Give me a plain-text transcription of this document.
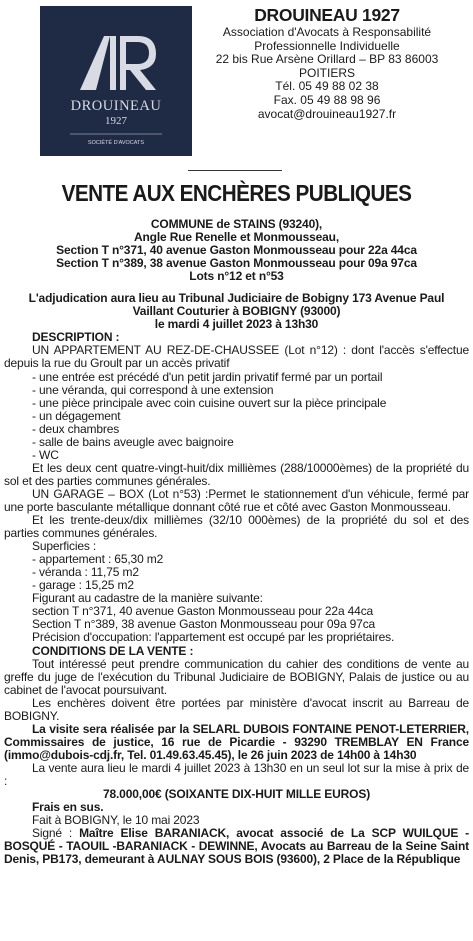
DROUINEAU
1927
SOCIÉTÉ D'AVOCATS
DROUINEAU 1927
Association d'Avocats à Responsabilité
Professionnelle Individuelle
22 bis Rue Arsène Orillard – BP 83 86003
POITIERS
Tél. 05 49 88 02 38
Fax. 05 49 88 98 96
avocat@drouineau1927.fr
VENTE AUX ENCHÈRES PUBLIQUES
COMMUNE de STAINS (93240),
Angle Rue Renelle et Monmousseau,
Section T n°371, 40 avenue Gaston Monmousseau pour 22a 44ca
Section T n°389, 38 avenue Gaston Monmousseau pour 09a 97ca
Lots n°12 et n°53
L'adjudication aura lieu au Tribunal Judiciaire de Bobigny 173 Avenue Paul
Vaillant Couturier à BOBIGNY (93000)
le mardi 4 juillet 2023 à 13h30
DESCRIPTION :
UN APPARTEMENT AU REZ-DE-CHAUSSEE (Lot n°12) : dont l'accès s'effectue depuis la rue du Groult par un accès privatif
- une entrée est précédé d'un petit jardin privatif fermé par un portail
- une véranda, qui correspond à une extension
- une pièce principale avec coin cuisine ouvert sur la pièce principale
- un dégagement
- deux chambres
- salle de bains aveugle avec baignoire
- WC
Et les deux cent quatre-vingt-huit/dix millièmes (288/10000èmes) de la propriété du sol et des parties communes générales.
UN GARAGE – BOX (Lot n°53) :Permet le stationnement d'un véhicule, fermé par une porte basculante métallique donnant côté rue et côté avec Gaston Monmousseau.
Et les trente-deux/dix millièmes (32/10 000èmes) de la propriété du sol et des parties communes générales.
Superficies :
- appartement : 65,30 m2
- véranda : 11,75 m2
- garage : 15,25 m2
Figurant au cadastre de la manière suivante:
section T n°371, 40 avenue Gaston Monmousseau pour 22a 44ca
Section T n°389, 38 avenue Gaston Monmousseau pour 09a 97ca
Précision d'occupation: l'appartement est occupé par les propriétaires.
CONDITIONS DE LA VENTE :
Tout intéressé peut prendre communication du cahier des conditions de vente au greffe du juge de l'exécution du Tribunal Judiciaire de BOBIGNY, Palais de justice ou au cabinet de l'avocat poursuivant.
Les enchères doivent être portées par ministère d'avocat inscrit au Barreau de BOBIGNY.
La visite sera réalisée par la SELARL DUBOIS FONTAINE PENOT-LETERRIER, Commissaires de justice, 16 rue de Picardie - 93290 TREMBLAY EN France (immo@dubois-cdj.fr, Tel. 01.49.63.45.45), le 26 juin 2023 de 14h00 à 14h30
La vente aura lieu le mardi 4 juillet 2023 à 13h30 en un seul lot sur la mise à prix de :
78.000,00€ (SOIXANTE DIX-HUIT MILLE EUROS)
Frais en sus.
Fait à BOBIGNY, le 10 mai 2023
Signé : Maître Elise BARANIACK, avocat associé de La SCP WUILQUE - BOSQUÉ - TAOUIL -BARANIACK - DEWINNE, Avocats au Barreau de la Seine Saint Denis, PB173, demeurant à AULNAY SOUS BOIS (93600), 2 Place de la République
